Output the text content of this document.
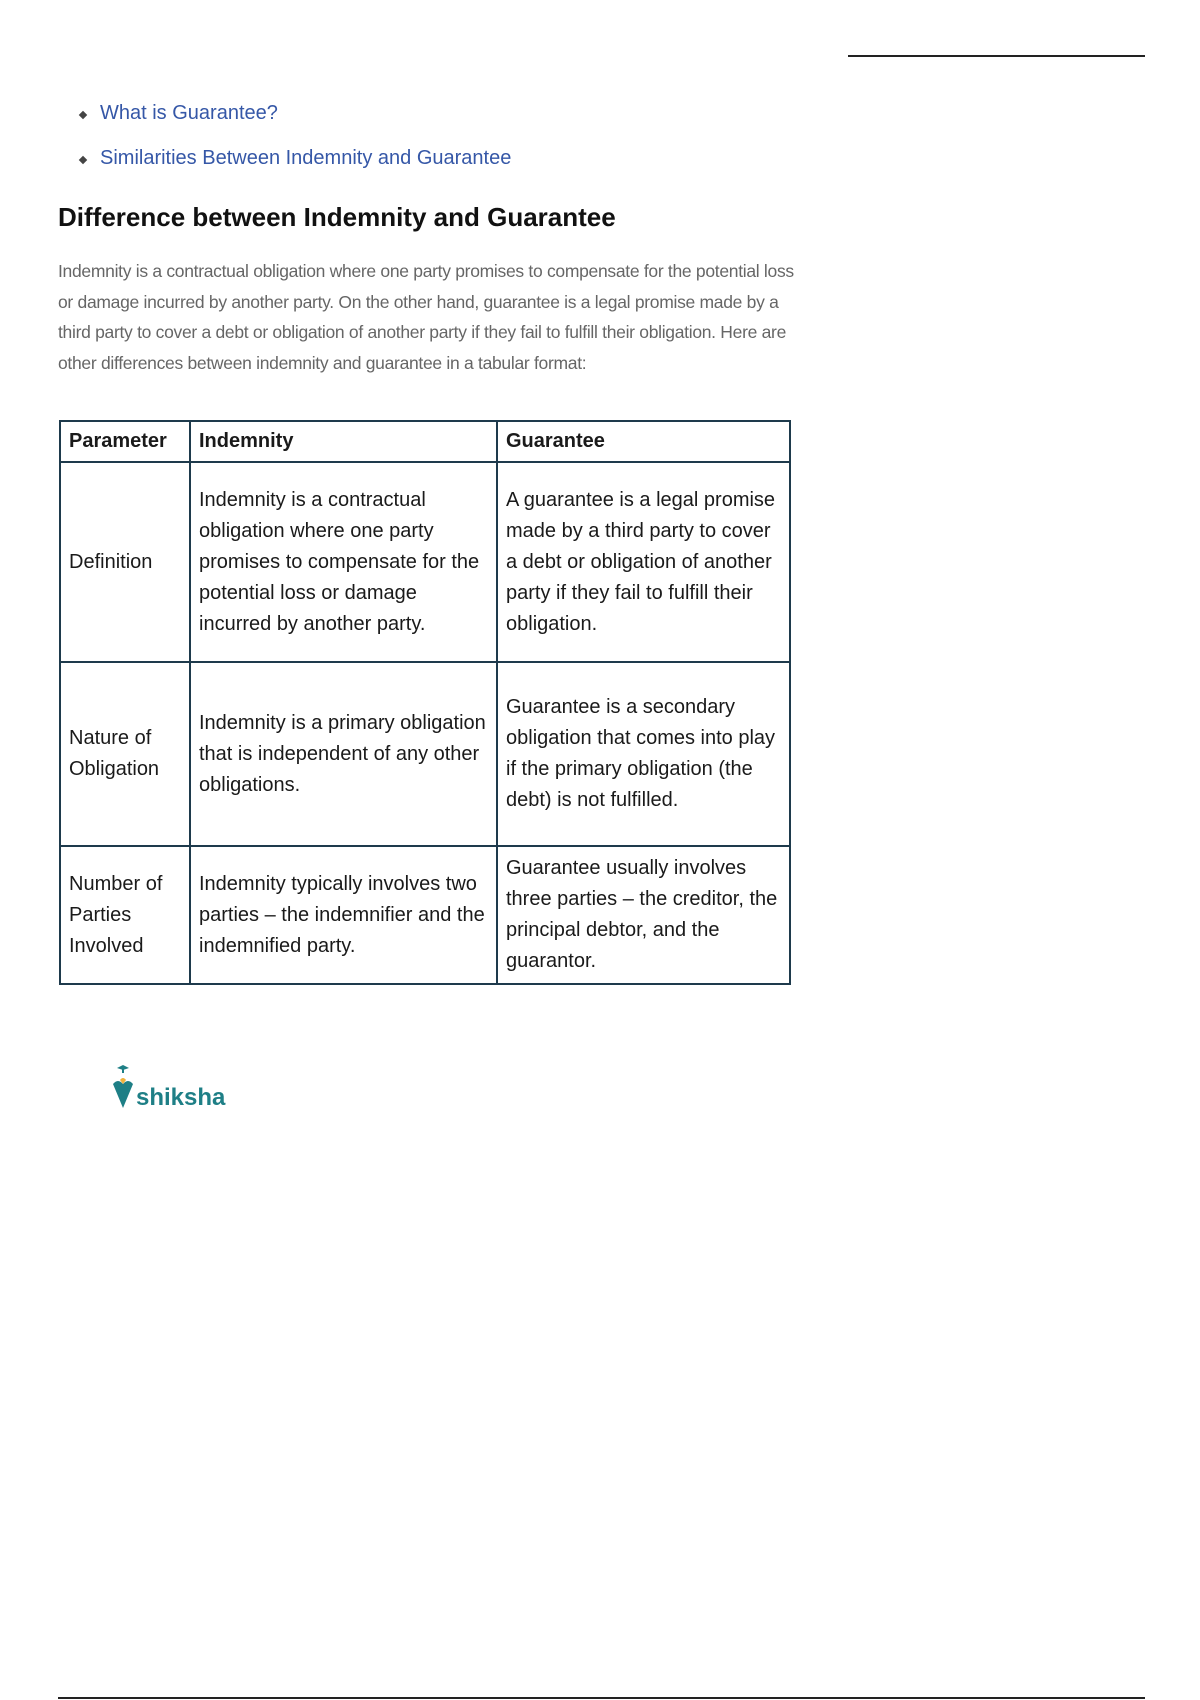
What is Guarantee?
Similarities Between Indemnity and Guarantee
Difference between Indemnity and Guarantee
Indemnity is a contractual obligation where one party promises to compensate for the potential loss or damage incurred by another party. On the other hand, guarantee is a legal promise made by a third party to cover a debt or obligation of another party if they fail to fulfill their obligation. Here are other differences between indemnity and guarantee in a tabular format:
Parameter	Indemnity	Guarantee
Definition	Indemnity is a contractual obligation where one party promises to compensate for the potential loss or damage incurred by another party.	A guarantee is a legal promise made by a third party to cover a debt or obligation of another party if they fail to fulfill their obligation.
Nature of Obligation	Indemnity is a primary obligation that is independent of any other obligations.	Guarantee is a secondary obligation that comes into play if the primary obligation (the debt) is not fulfilled.
Number of Parties Involved	Indemnity typically involves two parties – the indemnifier and the indemnified party.	Guarantee usually involves three parties – the creditor, the principal debtor, and the guarantor.
shiksha
